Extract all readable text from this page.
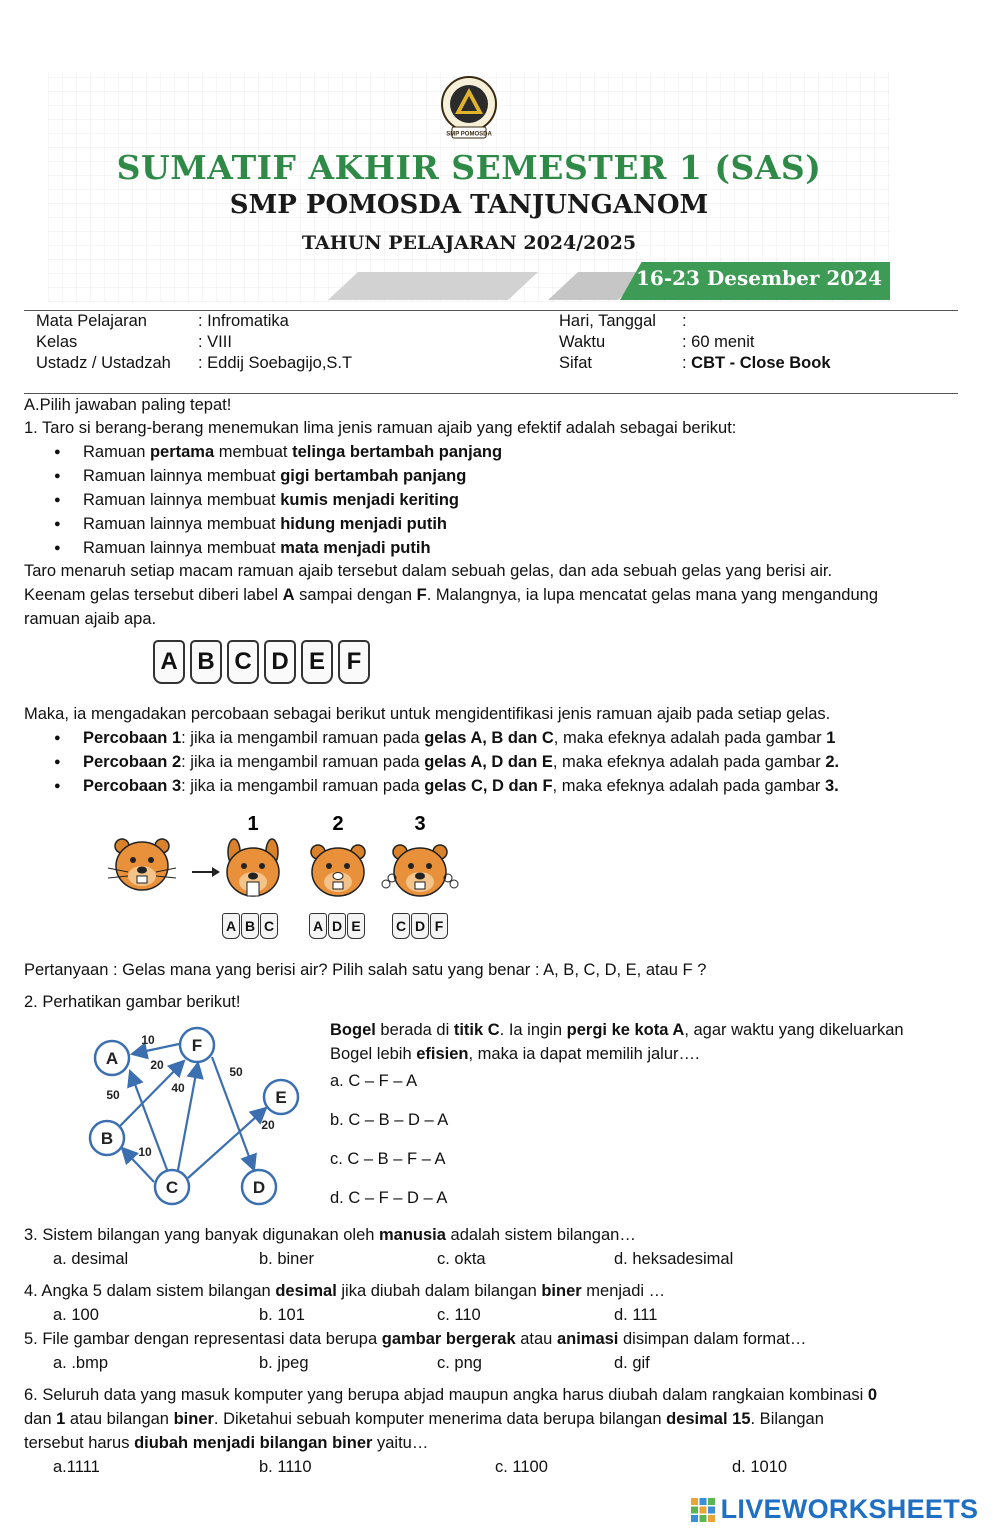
SMP POMOSDA
SUMATIF AKHIR SEMESTER 1 (SAS)
SMP POMOSDA TANJUNGANOM
TAHUN PELAJARAN 2024/2025
16-23 Desember 2024
Mata Pelajaran	: Infromatika
Kelas	: VIII
Ustadz / Ustadzah : Eddij Soebagijo,S.T
Hari, Tanggal :
Waktu	: 60 menit
Sifat	: CBT - Close Book
A.Pilih jawaban paling tepat!
1. Taro si berang-berang menemukan lima jenis ramuan ajaib yang efektif adalah sebagai berikut:
● Ramuan pertama membuat telinga bertambah panjang
● Ramuan lainnya membuat gigi bertambah panjang
● Ramuan lainnya membuat kumis menjadi keriting
● Ramuan lainnya membuat hidung menjadi putih
● Ramuan lainnya membuat mata menjadi putih
Taro menaruh setiap macam ramuan ajaib tersebut dalam sebuah gelas, dan ada sebuah gelas yang berisi air.
Keenam gelas tersebut diberi label A sampai dengan F. Malangnya, ia lupa mencatat gelas mana yang mengandung
ramuan ajaib apa.
A B C D E F
Maka, ia mengadakan percobaan sebagai berikut untuk mengidentifikasi jenis ramuan ajaib pada setiap gelas.
● Percobaan 1: jika ia mengambil ramuan pada gelas A, B dan C, maka efeknya adalah pada gambar 1
● Percobaan 2: jika ia mengambil ramuan pada gelas A, D dan E, maka efeknya adalah pada gambar 2.
● Percobaan 3: jika ia mengambil ramuan pada gelas C, D dan F, maka efeknya adalah pada gambar 3.
1	2	3
A B C	A D E	C D F
Pertanyaan : Gelas mana yang berisi air? Pilih salah satu yang benar : A, B, C, D, E, atau F ?
2. Perhatikan gambar berikut!
A
F
E
B
C	D
10
20
40
50
50
20
10
Bogel berada di titik C. Ia ingin pergi ke kota A, agar waktu yang dikeluarkan
Bogel lebih efisien, maka ia dapat memilih jalur….
a. C – F – A
b. C – B – D – A
c. C – B – F – A
d. C – F – D – A
3. Sistem bilangan yang banyak digunakan oleh manusia adalah sistem bilangan…
a. desimal	b. biner	c. okta	d. heksadesimal
4. Angka 5 dalam sistem bilangan desimal jika diubah dalam bilangan biner menjadi …
a. 100	b. 101	c. 110	d. 111
5. File gambar dengan representasi data berupa gambar bergerak atau animasi disimpan dalam format…
a. .bmp	b. jpeg	c. png	d. gif
6. Seluruh data yang masuk komputer yang berupa abjad maupun angka harus diubah dalam rangkaian kombinasi 0
dan 1 atau bilangan biner. Diketahui sebuah komputer menerima data berupa bilangan desimal 15. Bilangan
tersebut harus diubah menjadi bilangan biner yaitu…
a.1111	b. 1110	c. 1100	d. 1010
LIVEWORKSHEETS
